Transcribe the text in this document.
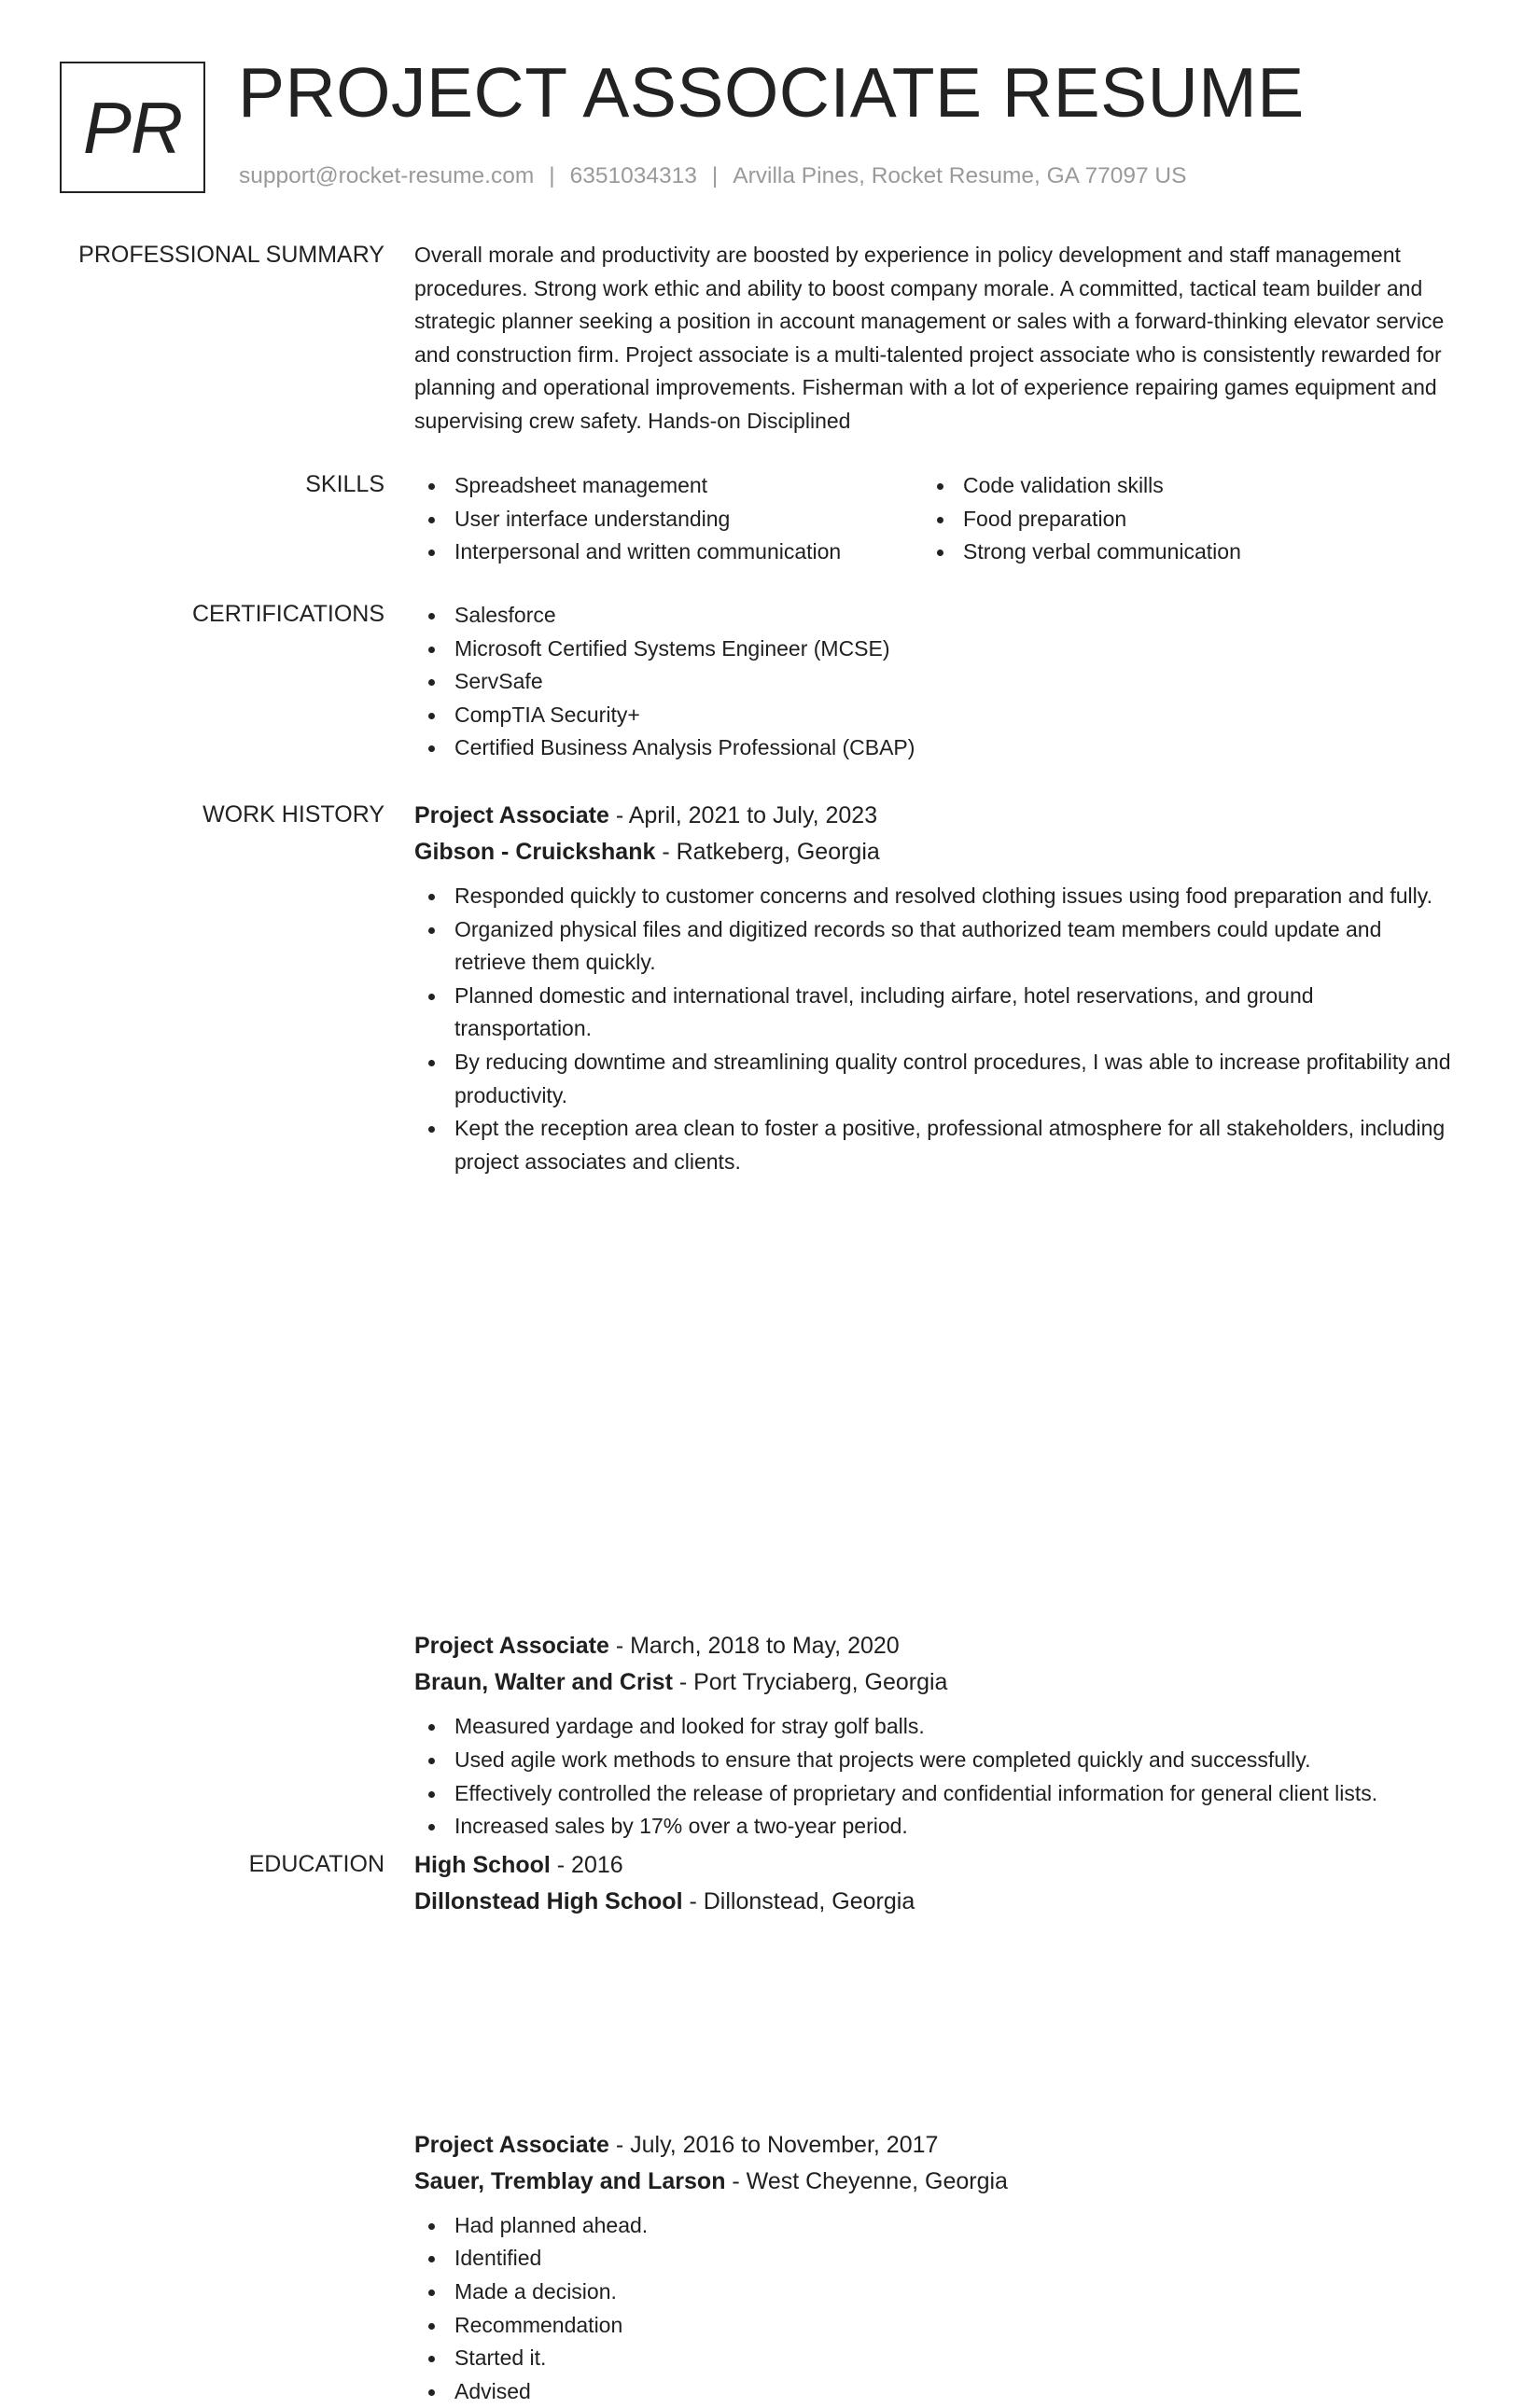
PR PROJECT ASSOCIATE RESUME
support@rocket-resume.com | 6351034313 | Arvilla Pines, Rocket Resume, GA 77097 US
PROFESSIONAL SUMMARY Overall morale and productivity are boosted by experience in policy development and staff management procedures. Strong work ethic and ability to boost company morale. A committed, tactical team builder and strategic planner seeking a position in account management or sales with a forward-thinking elevator service and construction firm. Project associate is a multi-talented project associate who is consistently rewarded for planning and operational improvements. Fisherman with a lot of experience repairing games equipment and supervising crew safety. Hands-on Disciplined

SKILLS	Spreadsheet management
User interface understanding
Interpersonal and written communication
Code validation skills
Food preparation
Strong verbal communication
CERTIFICATIONS	Salesforce
Microsoft Certified Systems Engineer (MCSE)
ServSafe
CompTIA Security+
Certified Business Analysis Professional (CBAP)
WORK HISTORY Project Associate - April, 2021 to July, 2023
Gibson - Cruickshank - Ratkeberg, Georgia
Responded quickly to customer concerns and resolved clothing issues using food preparation and fully.
Organized physical files and digitized records so that authorized team members could update and retrieve them quickly.
Planned domestic and international travel, including airfare, hotel reservations, and ground transportation.
By reducing downtime and streamlining quality control procedures, I was able to increase profitability and productivity.
Kept the reception area clean to foster a positive, professional atmosphere for all stakeholders, including project associates and clients.
Project Associate - March, 2018 to May, 2020
Braun, Walter and Crist - Port Tryciaberg, Georgia
Measured yardage and looked for stray golf balls.
Used agile work methods to ensure that projects were completed quickly and successfully.
Effectively controlled the release of proprietary and confidential information for general client lists.
Increased sales by 17% over a two-year period.
Project Associate - July, 2016 to November, 2017
Sauer, Tremblay and Larson - West Cheyenne, Georgia
Had planned ahead.
Identified
Made a decision.
Recommendation
Started it.
Advised
EDUCATION High School - 2016
Dillonstead High School - Dillonstead, Georgia
